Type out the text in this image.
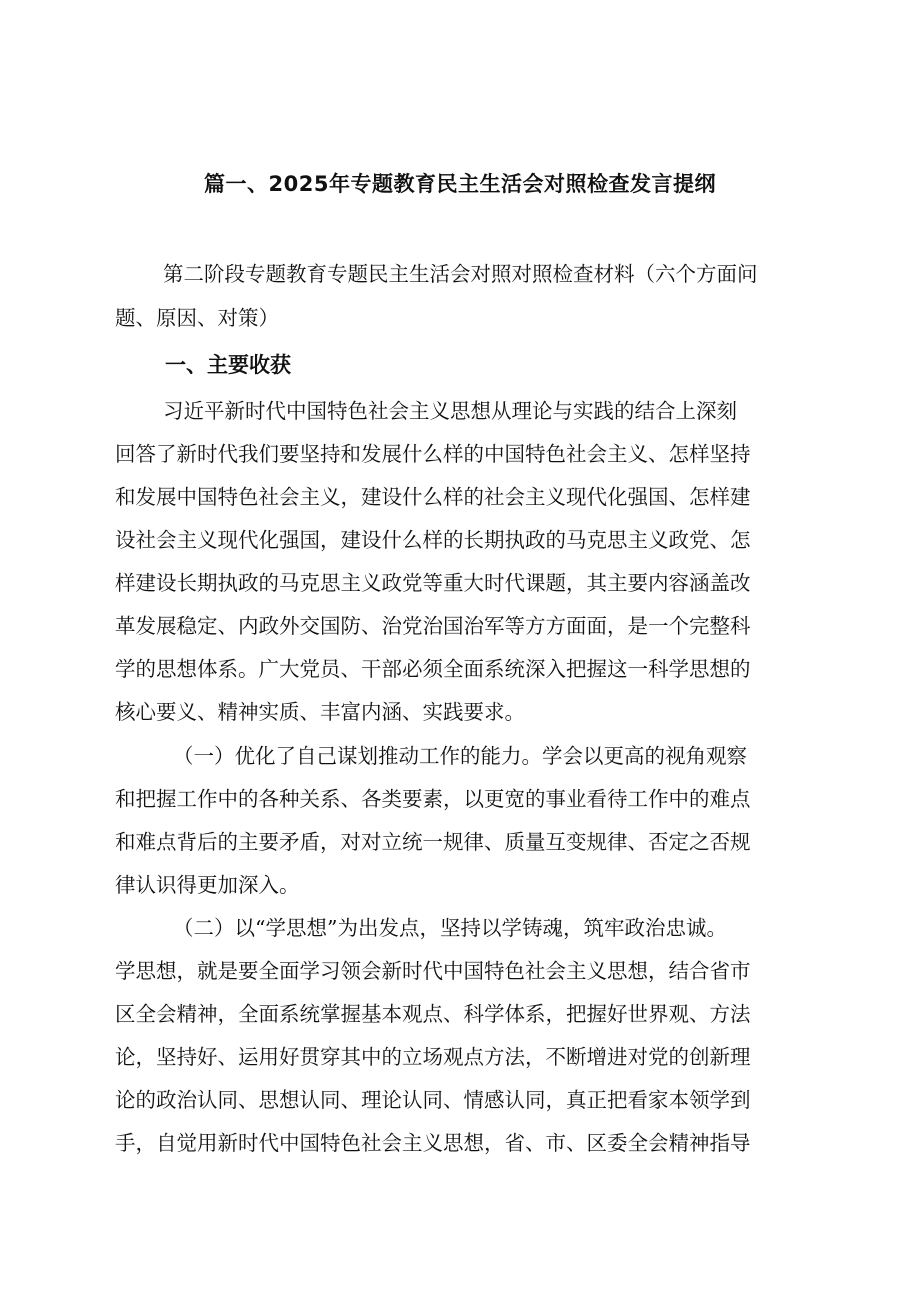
篇一、2025年专题教育民主生活会对照检查发言提纲
第二阶段专题教育专题民主生活会对照对照检查材料（六个方面问
题、原因、对策）
一、主要收获
习近平新时代中国特色社会主义思想从理论与实践的结合上深刻
回答了新时代我们要坚持和发展什么样的中国特色社会主义、怎样坚持
和发展中国特色社会主义，建设什么样的社会主义现代化强国、怎样建
设社会主义现代化强国，建设什么样的长期执政的马克思主义政党、怎
样建设长期执政的马克思主义政党等重大时代课题，其主要内容涵盖改
革发展稳定、内政外交国防、治党治国治军等方方面面，是一个完整科
学的思想体系。广大党员、干部必须全面系统深入把握这一科学思想的
核心要义、精神实质、丰富内涵、实践要求。
（一）优化了自己谋划推动工作的能力。学会以更高的视角观察
和把握工作中的各种关系、各类要素，以更宽的事业看待工作中的难点
和难点背后的主要矛盾，对对立统一规律、质量互变规律、否定之否规
律认识得更加深入。
（二）以“学思想”为出发点，坚持以学铸魂，筑牢政治忠诚。
学思想，就是要全面学习领会新时代中国特色社会主义思想，结合省市
区全会精神，全面系统掌握基本观点、科学体系，把握好世界观、方法
论，坚持好、运用好贯穿其中的立场观点方法，不断增进对党的创新理
论的政治认同、思想认同、理论认同、情感认同，真正把看家本领学到
手，自觉用新时代中国特色社会主义思想，省、市、区委全会精神指导
